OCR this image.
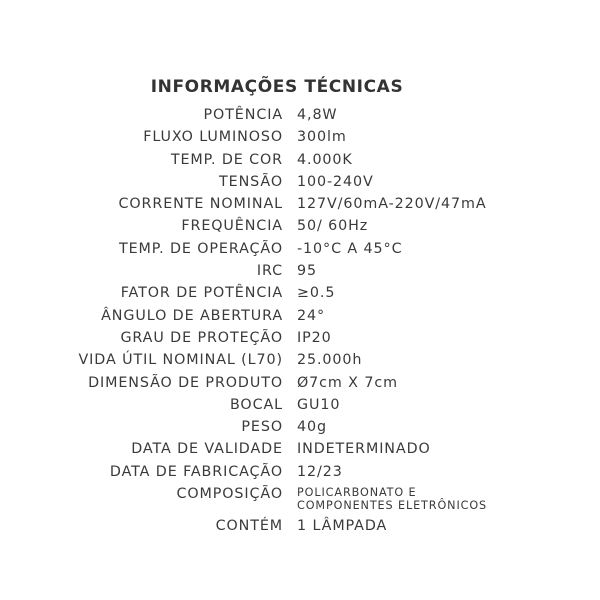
INFORMAÇÕES TÉCNICAS
POTÊNCIA 4,8W
FLUXO LUMINOSO 300lm
TEMP. DE COR 4.000K
TENSÃO 100-240V
CORRENTE NOMINAL 127V/60mA-220V/47mA
FREQUÊNCIA 50/ 60Hz
TEMP. DE OPERAÇÃO -10°C A 45°C
IRC 95
FATOR DE POTÊNCIA ≥0.5
ÂNGULO DE ABERTURA 24°
GRAU DE PROTEÇÃO IP20
VIDA ÚTIL NOMINAL (L70) 25.000h
DIMENSÃO DE PRODUTO Ø7cm X 7cm
BOCAL GU10
PESO 40g
DATA DE VALIDADE INDETERMINADO
DATA DE FABRICAÇÃO 12/23
COMPOSIÇÃO POLICARBONATO E
COMPONENTES ELETRÔNICOS
CONTÉM 1 LÂMPADA
